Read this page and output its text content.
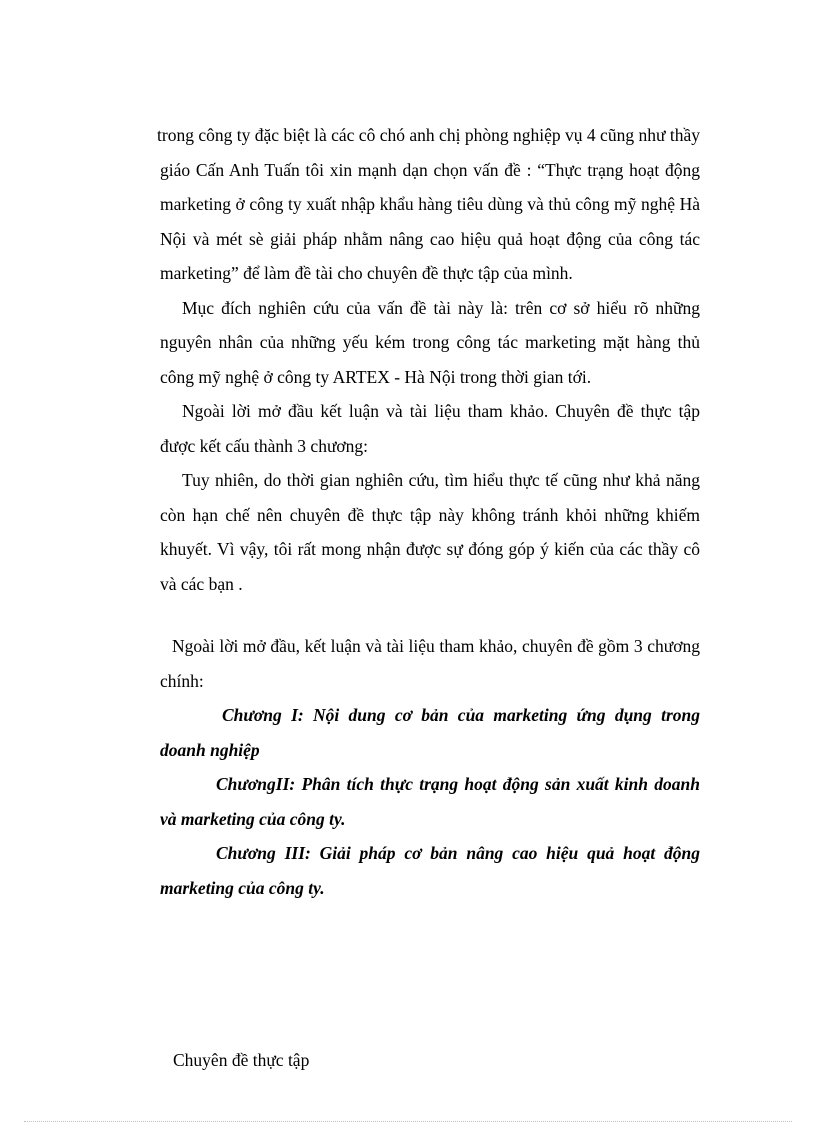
trong công ty đặc biệt là các cô chó anh chị phòng nghiệp vụ 4 cũng như thầy giáo Cấn Anh Tuấn tôi xin mạnh dạn chọn vấn đề : “Thực trạng hoạt động marketing ở công ty xuất nhập khẩu hàng tiêu dùng và thủ công mỹ nghệ Hà Nội và mét sè giải pháp nhằm nâng cao hiệu quả hoạt động của công tác marketing” để làm đề tài cho chuyên đề thực tập của mình.

Mục đích nghiên cứu của vấn đề tài này là: trên cơ sở hiểu rõ những nguyên nhân của những yếu kém trong công tác marketing mặt hàng thủ công mỹ nghệ ở công ty ARTEX - Hà Nội trong thời gian tới.

Ngoài lời mở đầu kết luận và tài liệu tham khảo. Chuyên đề thực tập được kết cấu thành 3 chương:

Tuy nhiên, do thời gian nghiên cứu, tìm hiểu thực tế cũng như khả năng còn hạn chế nên chuyên đề thực tập này không tránh khỏi những khiếm khuyết. Vì vậy, tôi rất mong nhận được sự đóng góp ý kiến của các thầy cô và các bạn .

Ngoài lời mở đầu, kết luận và tài liệu tham khảo, chuyên đề gồm 3 chương chính:

Chương I: Nội dung cơ bản của marketing ứng dụng trong doanh nghiệp

ChươngII: Phân tích thực trạng hoạt động sản xuất kinh doanh và marketing của công ty.

Chương III: Giải pháp cơ bản nâng cao hiệu quả hoạt động marketing của công ty.

Chuyên đề thực tập
